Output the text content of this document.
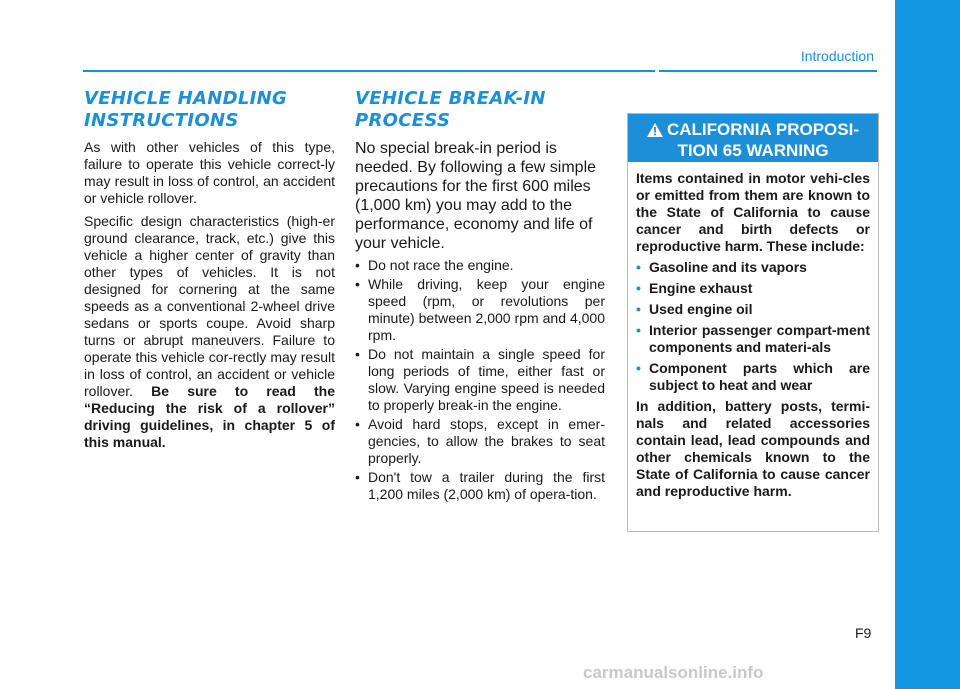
Introduction
VEHICLE HANDLING
INSTRUCTIONS

As with other vehicles of this type, failure to operate this vehicle correct-ly may result in loss of control, an accident or vehicle rollover.

Specific design characteristics (high-er ground clearance, track, etc.) give this vehicle a higher center of gravity than other types of vehicles. It is not designed for cornering at the same speeds as a conventional 2-wheel drive sedans or sports coupe. Avoid sharp turns or abrupt maneuvers. Failure to operate this vehicle cor-rectly may result in loss of control, an accident or vehicle rollover. Be sure to read the “Reducing the risk of a rollover” driving guidelines, in chapter 5 of this manual.

VEHICLE BREAK-IN
PROCESS

No special break-in period is needed. By following a few simple precautions for the first 600 miles (1,000 km) you may add to the performance, economy and life of your vehicle.

• Do not race the engine.
• While driving, keep your engine speed (rpm, or revolutions per minute) between 2,000 rpm and 4,000 rpm.
• Do not maintain a single speed for long periods of time, either fast or slow. Varying engine speed is needed to properly break-in the engine.
• Avoid hard stops, except in emer-gencies, to allow the brakes to seat properly.
• Don't tow a trailer during the first 1,200 miles (2,000 km) of opera-tion.
CALIFORNIA PROPOSI-
TION 65 WARNING

Items contained in motor vehi-cles or emitted from them are known to the State of California to cause cancer and birth defects or reproductive harm. These include:

• Gasoline and its vapors
• Engine exhaust
• Used engine oil
• Interior passenger compart-ment components and materi-als
• Component parts which are subject to heat and wear

In addition, battery posts, termi-nals and related accessories contain lead, lead compounds and other chemicals known to the State of California to cause cancer and reproductive harm.

F9
carmanualsonline.info
